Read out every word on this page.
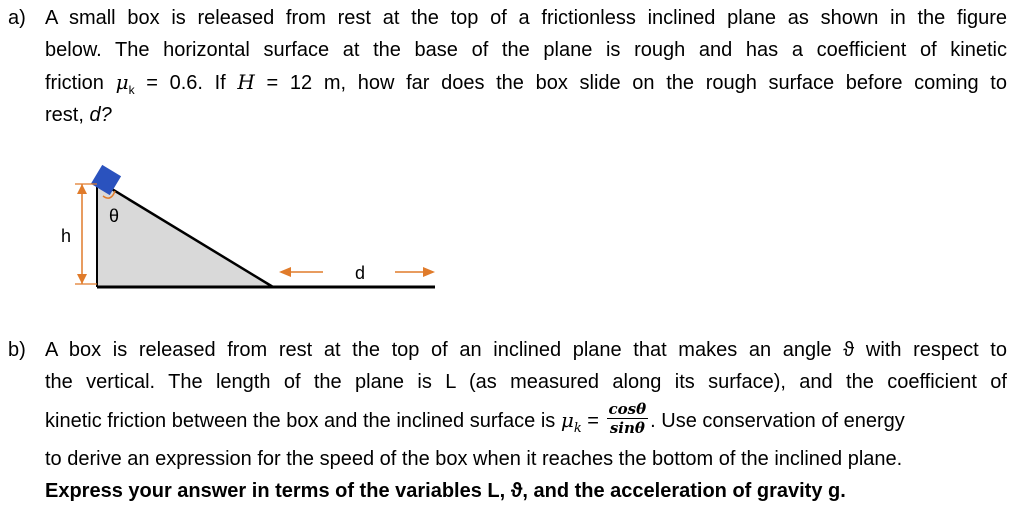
a) A small box is released from rest at the top of a frictionless inclined plane as shown in the figure
below. The horizontal surface at the base of the plane is rough and has a coefficient of kinetic
friction $\mu_k = 0.6$. If H = 12 m, how far does the box slide on the rough surface before coming to
rest, d?
θ
h
d
b) A box is released from rest at the top of an inclined plane that makes an angle ϑ with respect to
the vertical. The length of the plane is L (as measured along its surface), and the coefficient of
kinetic friction between the box and the inclined surface is $\mu_k = \frac{\cos\theta}{\sin\theta}$ . Use conservation of energy
to derive an expression for the speed of the box when it reaches the bottom of the inclined plane.
Express your answer in terms of the variables L, ϑ, and the acceleration of gravity g.
